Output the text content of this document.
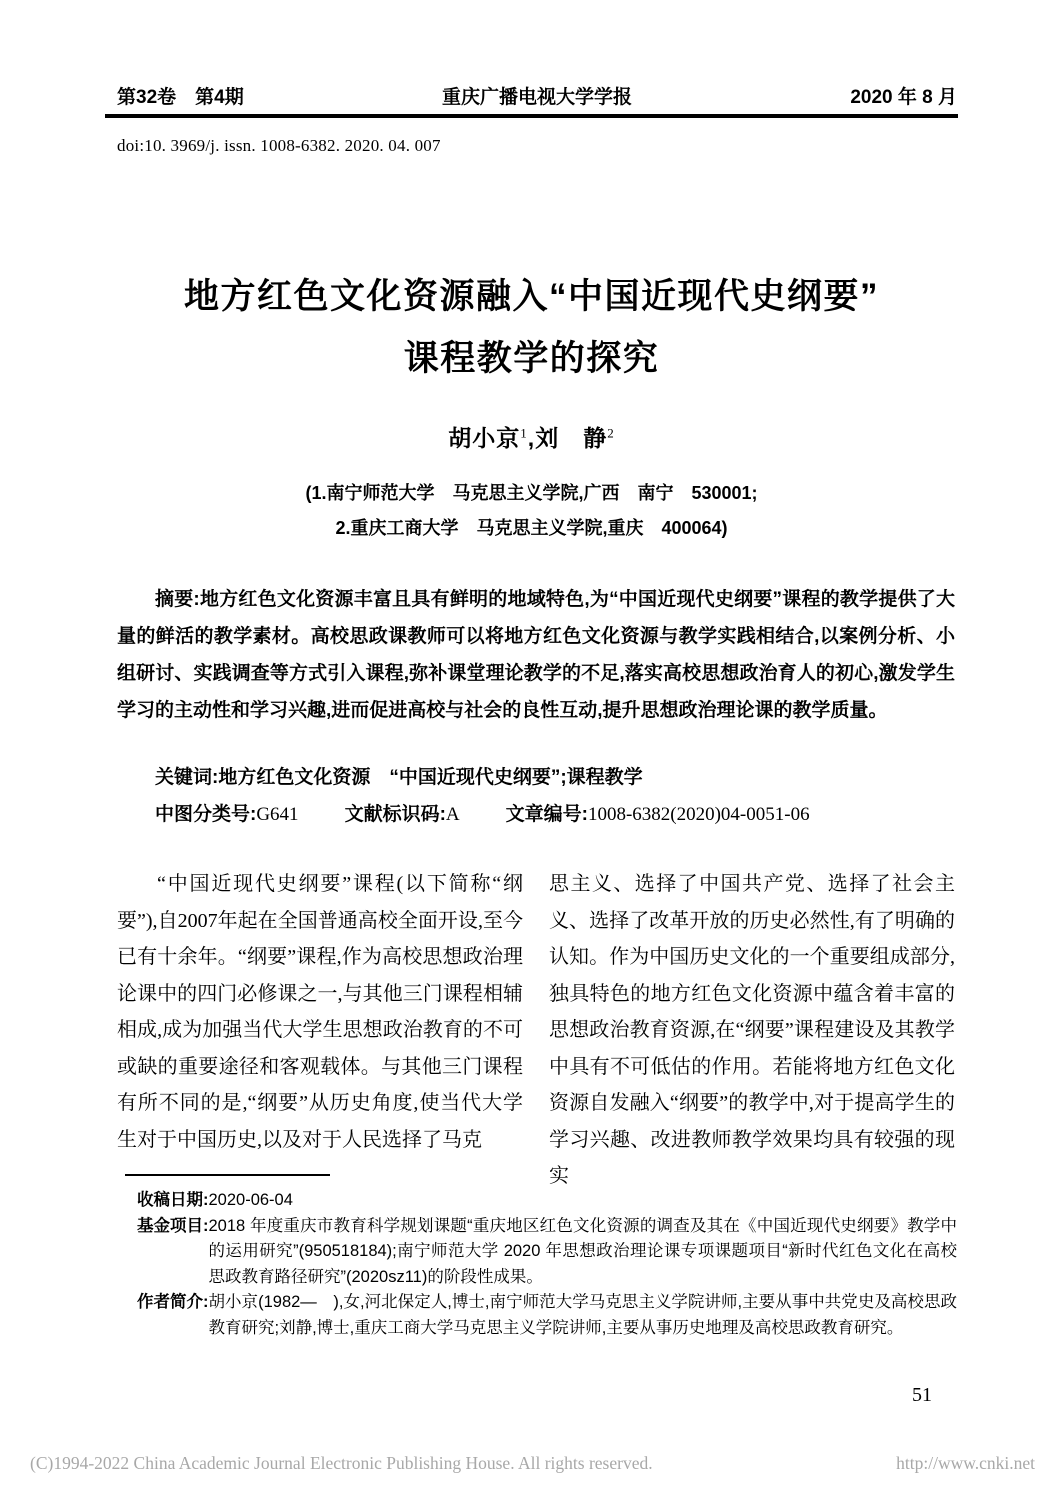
第32卷　第4期	重庆广播电视大学学报	2020 年 8 月
doi:10. 3969/j. issn. 1008-6382. 2020. 04. 007
地方红色文化资源融入“中国近现代史纲要”
课程教学的探究
胡小京$^1$,刘　静$^2$
(1.南宁师范大学　马克思主义学院,广西　南宁　530001;
2.重庆工商大学　马克思主义学院,重庆　400064)

摘要:地方红色文化资源丰富且具有鲜明的地域特色,为“中国近现代史纲要”课程的教学提供了大量的鲜活的教学素材。高校思政课教师可以将地方红色文化资源与教学实践相结合,以案例分析、小组研讨、实践调查等方式引入课程,弥补课堂理论教学的不足,落实高校思想政治育人的初心,激发学生学习的主动性和学习兴趣,进而促进高校与社会的良性互动,提升思想政治理论课的教学质量。

关键词:地方红色文化资源　“中国近现代史纲要”;课程教学
中图分类号:G641 文献标识码:A 文章编号:1008-6382(2020)04-0051-06

“中国近现代史纲要”课程(以下简称“纲要”),自2007年起在全国普通高校全面开设,至今已有十余年。“纲要”课程,作为高校思想政治理论课中的四门必修课之一,与其他三门课程相辅相成,成为加强当代大学生思想政治教育的不可或缺的重要途径和客观载体。与其他三门课程有所不同的是,“纲要”从历史角度,使当代大学生对于中国历史,以及对于人民选择了马克

思主义、选择了中国共产党、选择了社会主义、选择了改革开放的历史必然性,有了明确的认知。作为中国历史文化的一个重要组成部分,独具特色的地方红色文化资源中蕴含着丰富的思想政治教育资源,在“纲要”课程建设及其教学中具有不可低估的作用。若能将地方红色文化资源自发融入“纲要”的教学中,对于提高学生的学习兴趣、改进教师教学效果均具有较强的现实

收稿日期: 2020-06-04
基金项目: 2018 年度重庆市教育科学规划课题“重庆地区红色文化资源的调查及其在《中国近现代史纲要》教学中的运用研究”(950518184);南宁师范大学 2020 年思想政治理论课专项课题项目“新时代红色文化在高校思政教育路径研究”(2020sz11)的阶段性成果。
作者简介: 胡小京(1982—　),女,河北保定人,博士,南宁师范大学马克思主义学院讲师,主要从事中共党史及高校思政教育研究;刘静,博士,重庆工商大学马克思主义学院讲师,主要从事历史地理及高校思政教育研究。
51
(C)1994-2022 China Academic Journal Electronic Publishing House. All rights reserved.	http://www.cnki.net
